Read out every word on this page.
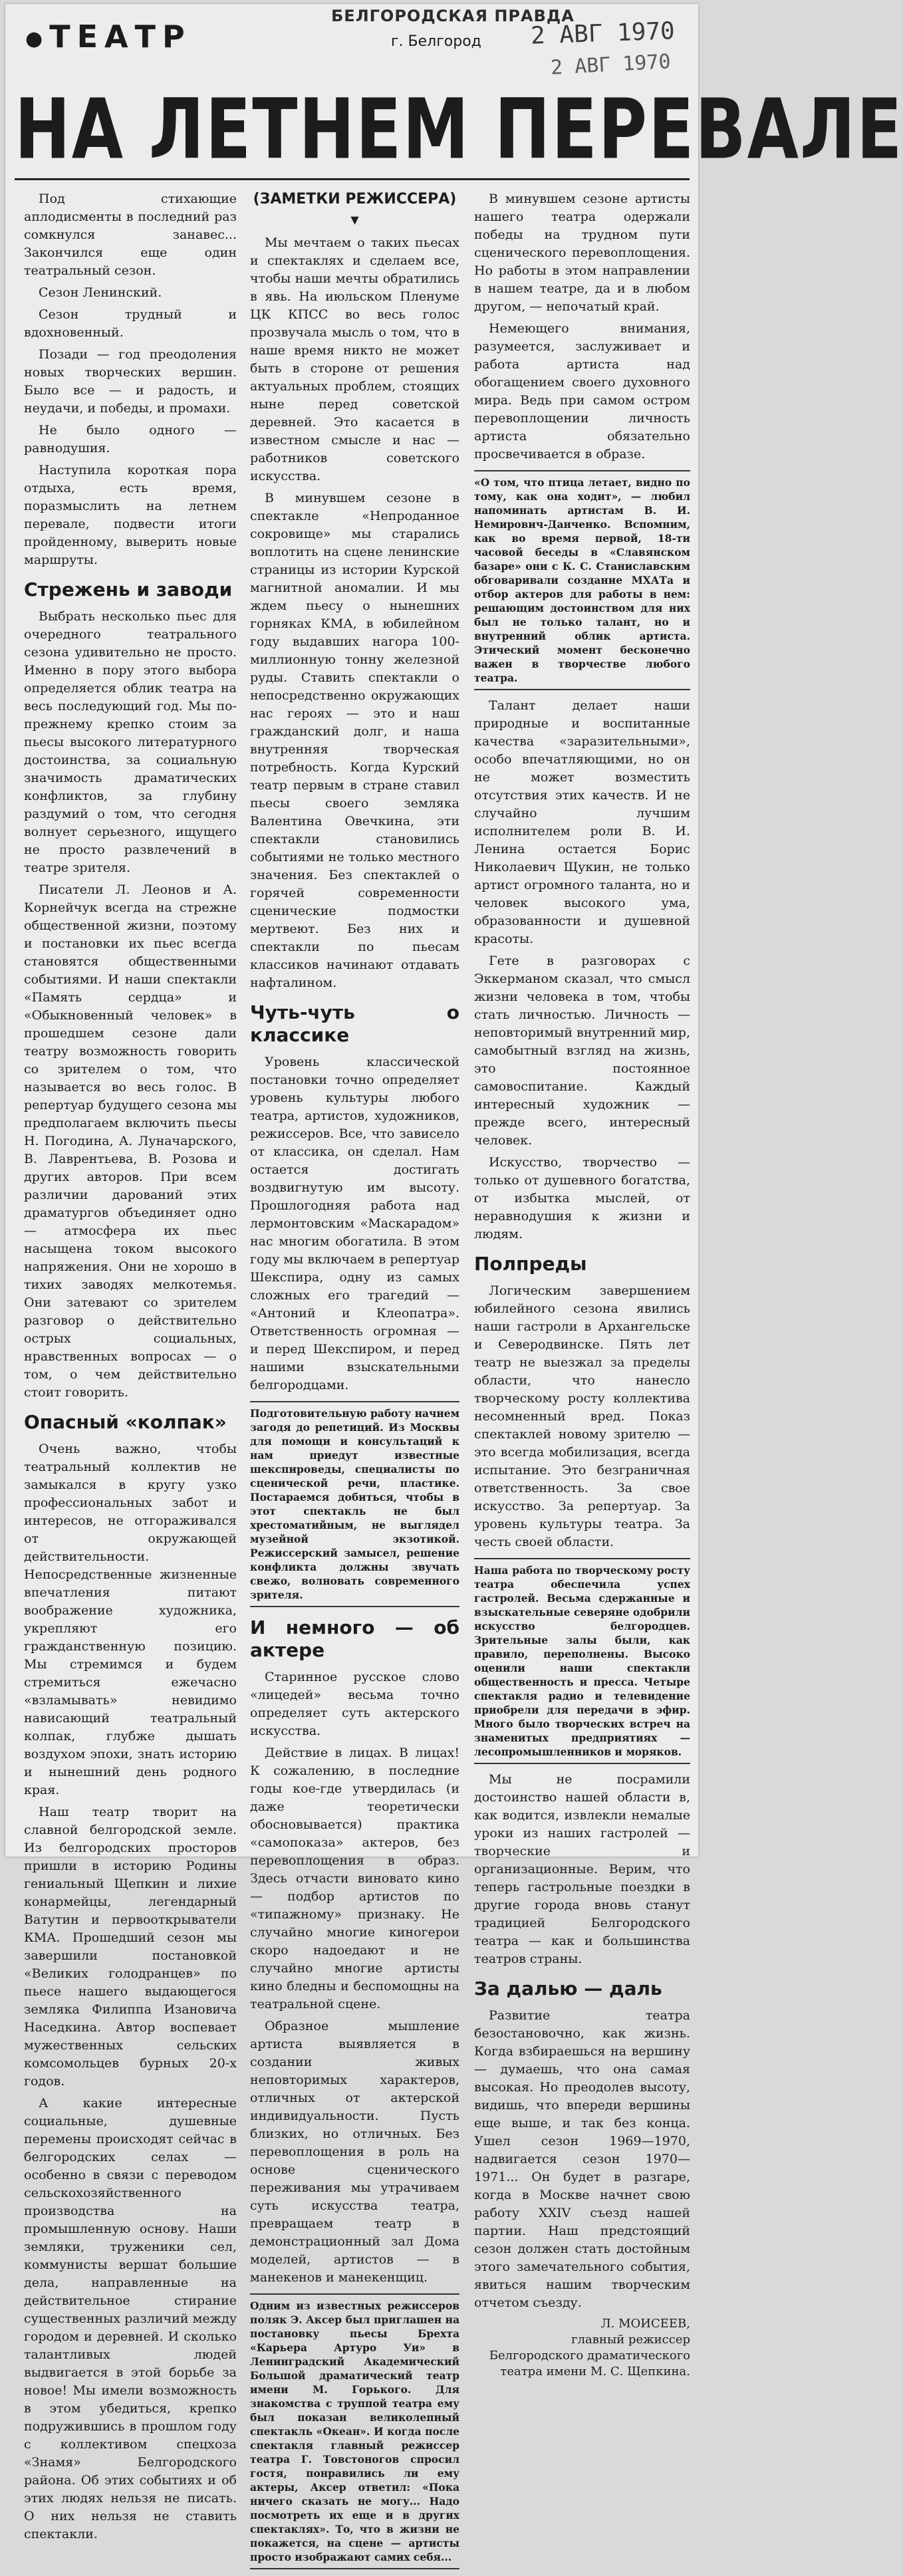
●ТЕАТР
БЕЛГОРОДСКАЯ ПРАВДА
г. Белгород 2 АВГ 1970
2 АВГ 1970
НА ЛЕТНЕМ ПЕРЕВАЛЕ

Под стихающие аплодисменты в последний раз сомкнулся занавес... Закончился еще один театральный сезон.

Сезон Ленинский.

Сезон трудный и вдохновенный.

Позади — год преодоления новых творческих вершин. Было все — и радость, и неудачи, и победы, и промахи.

Не было одного — равнодушия.

Наступила короткая пора отдыха, есть время, поразмыслить на летнем перевале, подвести итоги пройденному, выверить новые маршруты.

Стрежень и заводи

Выбрать несколько пьес для очередного театрального сезона удивительно не просто. Именно в пору этого выбора определяется облик театра на весь последующий год. Мы по-прежнему крепко стоим за пьесы высокого литературного достоинства, за социальную значимость драматических конфликтов, за глубину раздумий о том, что сегодня волнует серьезного, ищущего не просто развлечений в театре зрителя.

Писатели Л. Леонов и А. Корнейчук всегда на стрежне общественной жизни, поэтому и постановки их пьес всегда становятся общественными событиями. И наши спектакли «Память сердца» и «Обыкновенный человек» в прошедшем сезоне дали театру возможность говорить со зрителем о том, что называется во весь голос. В репертуар будущего сезона мы предполагаем включить пьесы Н. Погодина, А. Луначарского, В. Лаврентьева, В. Розова и других авторов. При всем различии дарований этих драматургов объединяет одно — атмосфера их пьес насыщена током высокого напряжения. Они не хорошо в тихих заводях мелкотемья. Они затевают со зрителем разговор о действительно острых социальных, нравственных вопросах — о том, о чем действительно стоит говорить.

Опасный «колпак»

Очень важно, чтобы театральный коллектив не замыкался в кругу узко профессиональных забот и интересов, не отгораживался от окружающей действительности. Непосредственные жизненные впечатления питают воображение художника, укрепляют его гражданственную позицию. Мы стремимся и будем стремиться ежечасно «взламывать» невидимо нависающий театральный колпак, глубже дышать воздухом эпохи, знать историю и нынешний день родного края.

Наш театр творит на славной белгородской земле. Из белгородских просторов пришли в историю Родины гениальный Щепкин и лихие конармейцы, легендарный Ватутин и первооткрыватели КМА. Прошедший сезон мы завершили постановкой «Великих голодранцев» по пьесе нашего выдающегося земляка Филиппа Изановича Наседкина. Автор воспевает мужественных сельских комсомольцев бурных 20-х годов.

А какие интересные социальные, душевные перемены происходят сейчас в белгородских селах — особенно в связи с переводом сельскохозяйственного производства на промышленную основу. Наши земляки, труженики сел, коммунисты вершат большие дела, направленные на действительное стирание существенных различий между городом и деревней. И сколько талантливых людей выдвигается в этой борьбе за новое! Мы имели возможность в этом убедиться, крепко подружившись в прошлом году с коллективом спецхоза «Знамя» Белгородского района. Об этих событиях и об этих людях нельзя не писать. О них нельзя не ставить спектакли.

(ЗАМЕТКИ РЕЖИССЕРА)
▼

Мы мечтаем о таких пьесах и спектаклях и сделаем все, чтобы наши мечты обратились в явь. На июльском Пленуме ЦК КПСС во весь голос прозвучала мысль о том, что в наше время никто не может быть в стороне от решения актуальных проблем, стоящих ныне перед советской деревней. Это касается в известном смысле и нас — работников советского искусства.

В минувшем сезоне в спектакле «Непроданное сокровище» мы старались воплотить на сцене ленинские страницы из истории Курской магнитной аномалии. И мы ждем пьесу о нынешних горняках КМА, в юбилейном году выдавших нагора 100-миллионную тонну железной руды. Ставить спектакли о непосредственно окружающих нас героях — это и наш гражданский долг, и наша внутренняя творческая потребность. Когда Курский театр первым в стране ставил пьесы своего земляка Валентина Овечкина, эти спектакли становились событиями не только местного значения. Без спектаклей о горячей современности сценические подмостки мертвеют. Без них и спектакли по пьесам классиков начинают отдавать нафталином.

Чуть-чуть о классике

Уровень классической постановки точно определяет уровень культуры любого театра, артистов, художников, режиссеров. Все, что зависело от классика, он сделал. Нам остается достигать воздвигнутую им высоту. Прошлогодняя работа над лермонтовским «Маскарадом» нас многим обогатила. В этом году мы включаем в репертуар Шекспира, одну из самых сложных его трагедий — «Антоний и Клеопатра». Ответственность огромная — и перед Шекспиром, и перед нашими взыскательными белгородцами.

Подготовительную работу начнем загодя до репетиций. Из Москвы для помощи и консультаций к нам приедут известные шекспироведы, специалисты по сценической речи, пластике. Постараемся добиться, чтобы в этот спектакль не был хрестоматийным, не выглядел музейной экзотикой. Режиссерский замысел, решение конфликта должны звучать свежо, волновать современного зрителя.
И немного — об актере

Старинное русское слово «лицедей» весьма точно определяет суть актерского искусства.

Действие в лицах. В лицах! К сожалению, в последние годы кое-где утвердилась (и даже теоретически обосновывается) практика «самопоказа» актеров, без перевоплощения в образ. Здесь отчасти виновато кино — подбор артистов по «типажному» признаку. Не случайно многие киногерои скоро надоедают и не случайно многие артисты кино бледны и беспомощны на театральной сцене.

Образное мышление артиста выявляется в создании живых неповторимых характеров, отличных от актерской индивидуальности. Пусть близких, но отличных. Без перевоплощения в роль на основе сценического переживания мы утрачиваем суть искусства театра, превращаем театр в демонстрационный зал Дома моделей, артистов — в манекенов и манекенщиц.

Одним из известных режиссеров поляк Э. Аксер был приглашен на постановку пьесы Брехта «Карьера Артуро Уи» в Ленинградский Академический Большой драматический театр имени М. Горького. Для знакомства с труппой театра ему был показан великолепный спектакль «Океан». И когда после спектакля главный режиссер театра Г. Товстоногов спросил гостя, понравились ли ему актеры, Аксер ответил: «Пока ничего сказать не могу... Надо посмотреть их еще и в других спектаклях». То, что в жизни не покажется, на сцене — артисты просто изображают самих себя...

В минувшем сезоне артисты нашего театра одержали победы на трудном пути сценического перевоплощения. Но работы в этом направлении в нашем театре, да и в любом другом, — непочатый край.

Немеющего внимания, разумеется, заслуживает и работа артиста над обогащением своего духовного мира. Ведь при самом остром перевоплощении личность артиста обязательно просвечивается в образе.

«О том, что птица летает, видно по тому, как она ходит», — любил напоминать артистам В. И. Немирович-Данченко. Вспомним, как во время первой, 18-ти часовой беседы в «Славянском базаре» они с К. С. Станиславским обговаривали создание МХАТа и отбор актеров для работы в нем: решающим достоинством для них был не только талант, но и внутренний облик артиста. Этический момент бесконечно важен в творчестве любого театра.

Талант делает наши природные и воспитанные качества «заразительными», особо впечатляющими, но он не может возместить отсутствия этих качеств. И не случайно лучшим исполнителем роли В. И. Ленина остается Борис Николаевич Щукин, не только артист огромного таланта, но и человек высокого ума, образованности и душевной красоты.

Гете в разговорах с Эккерманом сказал, что смысл жизни человека в том, чтобы стать личностью. Личность — неповторимый внутренний мир, самобытный взгляд на жизнь, это постоянное самовоспитание. Каждый интересный художник — прежде всего, интересный человек.

Искусство, творчество — только от душевного богатства, от избытка мыслей, от неравнодушия к жизни и людям.

Полпреды

Логическим завершением юбилейного сезона явились наши гастроли в Архангельске и Северодвинске. Пять лет театр не выезжал за пределы области, что нанесло творческому росту коллектива несомненный вред. Показ спектаклей новому зрителю — это всегда мобилизация, всегда испытание. Это безграничная ответственность. За свое искусство. За репертуар. За уровень культуры театра. За честь своей области.

Наша работа по творческому росту театра обеспечила успех гастролей. Весьма сдержанные и взыскательные северяне одобрили искусство белгородцев. Зрительные залы были, как правило, переполнены. Высоко оценили наши спектакли общественность и пресса. Четыре спектакля радио и телевидение приобрели для передачи в эфир. Много было творческих встреч на знаменитых предприятиях — лесопромышленников и моряков.

Мы не посрамили достоинство нашей области в, как водится, извлекли немалые уроки из наших гастролей — творческие и организационные. Верим, что теперь гастрольные поездки в другие города вновь станут традицией Белгородского театра — как и большинства театров страны.

За далью — даль

Развитие театра безостановочно, как жизнь. Когда взбираешься на вершину — думаешь, что она самая высокая. Но преодолев высоту, видишь, что впереди вершины еще выше, и так без конца. Ушел сезон 1969—1970, надвигается сезон 1970—1971... Он будет в разгаре, когда в Москве начнет свою работу XXIV съезд нашей партии. Наш предстоящий сезон должен стать достойным этого замечательного события, явиться нашим творческим отчетом съезду.

Л. МОИСЕЕВ,
главный режиссер Белгородского драматического театра имени М. С. Щепкина.
